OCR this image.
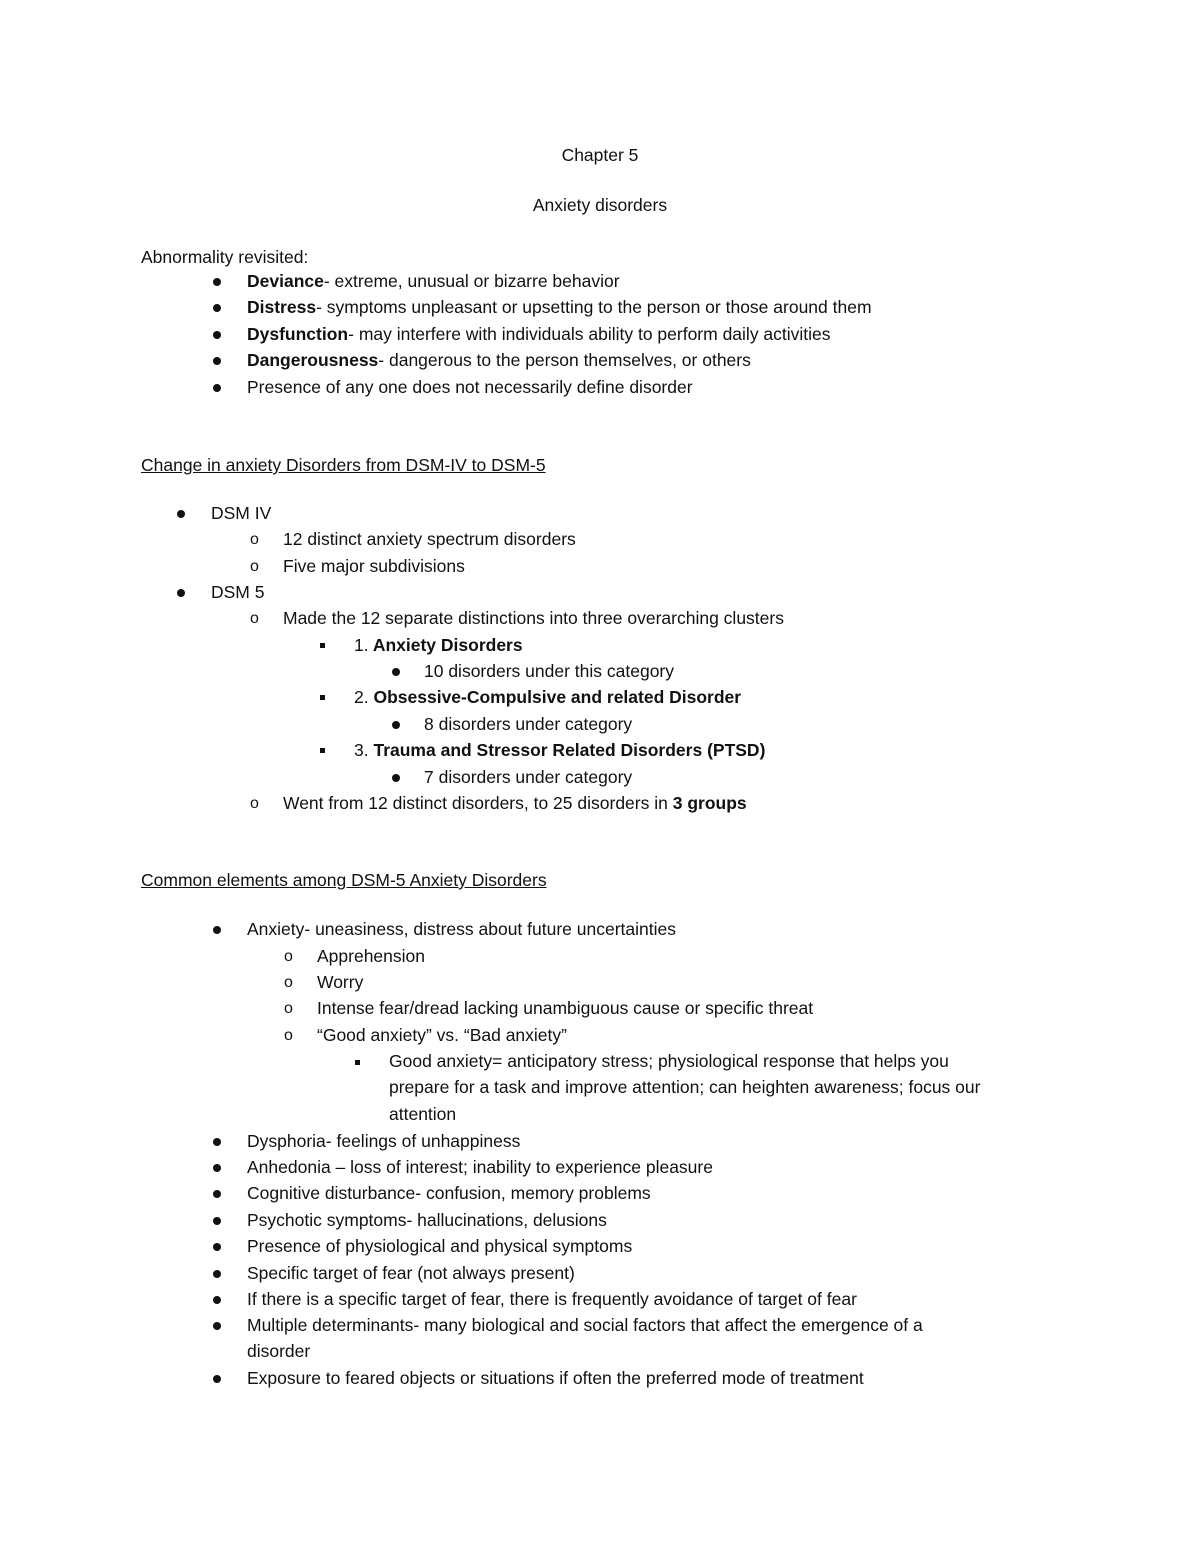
Chapter 5
Anxiety disorders
Abnormality revisited:
Deviance- extreme, unusual or bizarre behavior
Distress- symptoms unpleasant or upsetting to the person or those around them
Dysfunction- may interfere with individuals ability to perform daily activities
Dangerousness- dangerous to the person themselves, or others
Presence of any one does not necessarily define disorder
Change in anxiety Disorders from DSM-IV to DSM-5
DSM IV
o 12 distinct anxiety spectrum disorders
o Five major subdivisions
DSM 5
o Made the 12 separate distinctions into three overarching clusters
1. Anxiety Disorders
10 disorders under this category
2. Obsessive-Compulsive and related Disorder
8 disorders under category
3. Trauma and Stressor Related Disorders (PTSD)
7 disorders under category
o Went from 12 distinct disorders, to 25 disorders in 3 groups
Common elements among DSM-5 Anxiety Disorders
Anxiety- uneasiness, distress about future uncertainties
o Apprehension
o Worry
o Intense fear/dread lacking unambiguous cause or specific threat
o “Good anxiety” vs. “Bad anxiety”
Good anxiety= anticipatory stress; physiological response that helps you
prepare for a task and improve attention; can heighten awareness; focus our
attention
Dysphoria- feelings of unhappiness
Anhedonia – loss of interest; inability to experience pleasure
Cognitive disturbance- confusion, memory problems
Psychotic symptoms- hallucinations, delusions
Presence of physiological and physical symptoms
Specific target of fear (not always present)
If there is a specific target of fear, there is frequently avoidance of target of fear
Multiple determinants- many biological and social factors that affect the emergence of a
disorder
Exposure to feared objects or situations if often the preferred mode of treatment
